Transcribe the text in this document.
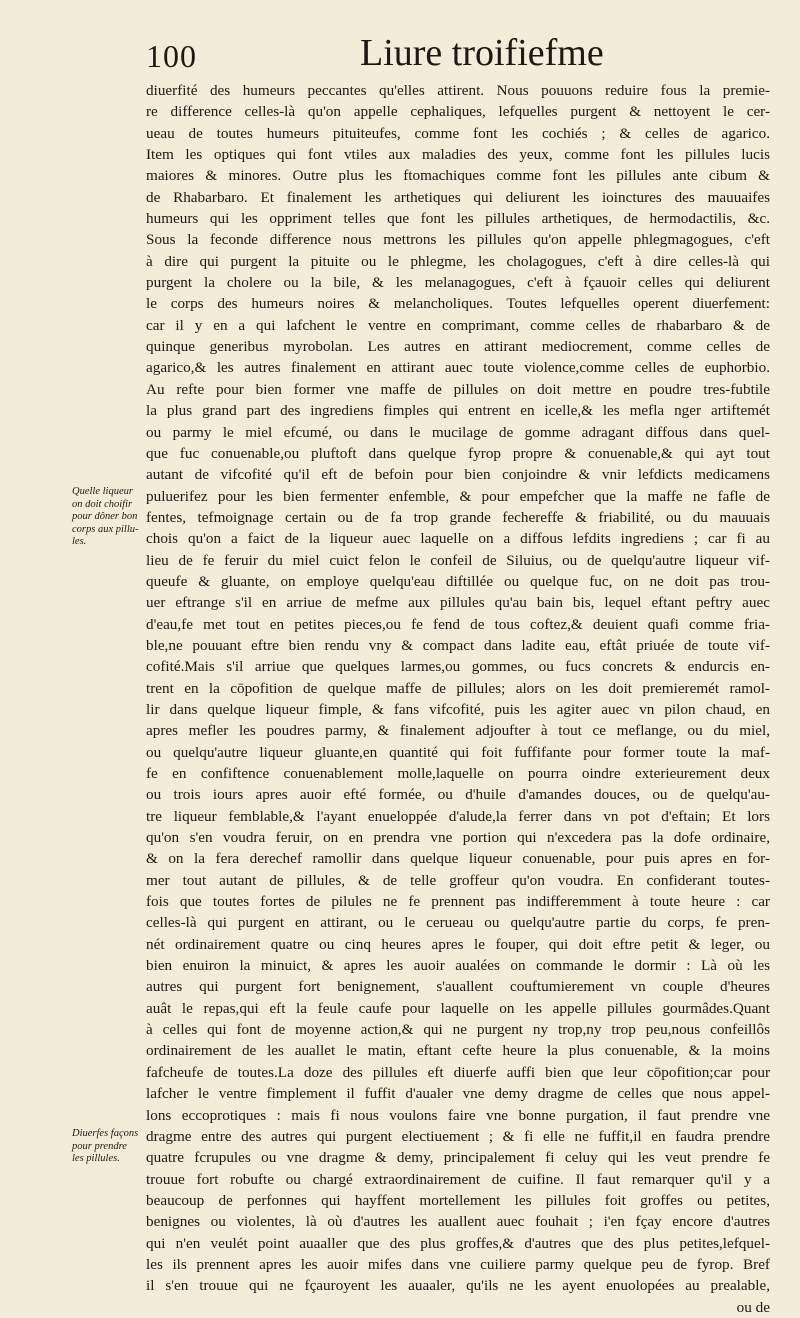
100	Liure troifiefme
Quelle liqueur
on doit choifir
pour dôner bon
corps aux pillu-
les.
Diuerfes façons
pour prendre
les pillules.
diuerfité des humeurs peccantes qu'elles attirent. Nous pouuons reduire fous la premie-
re difference celles-là qu'on appelle cephaliques, lefquelles purgent & nettoyent le cer-
ueau de toutes humeurs pituiteufes, comme font les cochiés ; & celles de agarico.
Item les optiques qui font vtiles aux maladies des yeux, comme font les pillules lucis
maiores & minores. Outre plus les ftomachiques comme font les pillules ante cibum &
de Rhabarbaro. Et finalement les arthetiques qui deliurent les ioinctures des mauuaifes
humeurs qui les oppriment telles que font les pillules arthetiques, de hermodactilis, &c.
Sous la feconde difference nous mettrons les pillules qu'on appelle phlegmagogues, c'eft
à dire qui purgent la pituite ou le phlegme, les cholagogues, c'eft à dire celles-là qui
purgent la cholere ou la bile, & les melanagogues, c'eft à fçauoir celles qui deliurent
le corps des humeurs noires & melancholiques. Toutes lefquelles operent diuerfement:
car il y en a qui lafchent le ventre en comprimant, comme celles de rhabarbaro & de
quinque generibus myrobolan. Les autres en attirant mediocrement, comme celles de
agarico,& les autres finalement en attirant auec toute violence,comme celles de euphorbio.
Au refte pour bien former vne maffe de pillules on doit mettre en poudre tres-fubtile
la plus grand part des ingrediens fimples qui entrent en icelle,& les mefla nger artiftemét
ou parmy le miel efcumé, ou dans le mucilage de gomme adragant diffous dans quel-
que fuc conuenable,ou pluftoft dans quelque fyrop propre & conuenable,& qui ayt tout
autant de vifcofité qu'il eft de befoin pour bien conjoindre & vnir lefdicts medicamens
puluerifez pour les bien fermenter enfemble, & pour empefcher que la maffe ne fafle de
fentes, tefmoignage certain ou de fa trop grande fechereffe & friabilité, ou du mauuais
chois qu'on a faict de la liqueur auec laquelle on a diffous lefdits ingrediens ; car fi au
lieu de fe feruir du miel cuict felon le confeil de Siluius, ou de quelqu'autre liqueur vif-
queufe & gluante, on employe quelqu'eau diftillée ou quelque fuc, on ne doit pas trou-
uer eftrange s'il en arriue de mefme aux pillules qu'au bain bis, lequel eftant peftry auec
d'eau,fe met tout en petites pieces,ou fe fend de tous coftez,& deuient quafi comme fria-
ble,ne pouuant eftre bien rendu vny & compact dans ladite eau, eftât priuée de toute vif-
cofité.Mais s'il arriue que quelques larmes,ou gommes, ou fucs concrets & endurcis en-
trent en la cōpofition de quelque maffe de pillules; alors on les doit premieremét ramol-
lir dans quelque liqueur fimple, & fans vifcofité, puis les agiter auec vn pilon chaud, en
apres mefler les poudres parmy, & finalement adjoufter à tout ce meflange, ou du miel,
ou quelqu'autre liqueur gluante,en quantité qui foit fuffifante pour former toute la maf-
fe en confiftence conuenablement molle,laquelle on pourra oindre exterieurement deux
ou trois iours apres auoir efté formée, ou d'huile d'amandes douces, ou de quelqu'au-
tre liqueur femblable,& l'ayant enueloppée d'alude,la ferrer dans vn pot d'eftain; Et lors
qu'on s'en voudra feruir, on en prendra vne portion qui n'excedera pas la dofe ordinaire,
& on la fera derechef ramollir dans quelque liqueur conuenable, pour puis apres en for-
mer tout autant de pillules, & de telle groffeur qu'on voudra. En confiderant toutes-
fois que toutes fortes de pilules ne fe prennent pas indifferemment à toute heure : car
celles-là qui purgent en attirant, ou le cerueau ou quelqu'autre partie du corps, fe pren-
nét ordinairement quatre ou cinq heures apres le fouper, qui doit eftre petit & leger, ou
bien enuiron la minuict, & apres les auoir aualées on commande le dormir : Là où les
autres qui purgent fort benignement, s'auallent couftumierement vn couple d'heures
auât le repas,qui eft la feule caufe pour laquelle on les appelle pillules gourmâdes.Quant
à celles qui font de moyenne action,& qui ne purgent ny trop,ny trop peu,nous confeillôs
ordinairement de les auallet le matin, eftant cefte heure la plus conuenable, & la moins
fafcheufe de toutes.La doze des pillules eft diuerfe auffi bien que leur cōpofition;car pour
lafcher le ventre fimplement il fuffit d'aualer vne demy dragme de celles que nous appel-
lons eccoprotiques : mais fi nous voulons faire vne bonne purgation, il faut prendre vne
dragme entre des autres qui purgent electiuement ; & fi elle ne fuffit,il en faudra prendre
quatre fcrupules ou vne dragme & demy, principalement fi celuy qui les veut prendre fe
trouue fort robufte ou chargé extraordinairement de cuifine. Il faut remarquer qu'il y a
beaucoup de perfonnes qui hayffent mortellement les pillules foit groffes ou petites,
benignes ou violentes, là où d'autres les auallent auec fouhait ; i'en fçay encore d'autres
qui n'en veulét point auaaller que des plus groffes,& d'autres que des plus petites,lefquel-
les ils prennent apres les auoir mifes dans vne cuiliere parmy quelque peu de fyrop. Bref
il s'en trouue qui ne fçauroyent les auaaler, qu'ils ne les ayent enuolopées au prealable,
ou de
